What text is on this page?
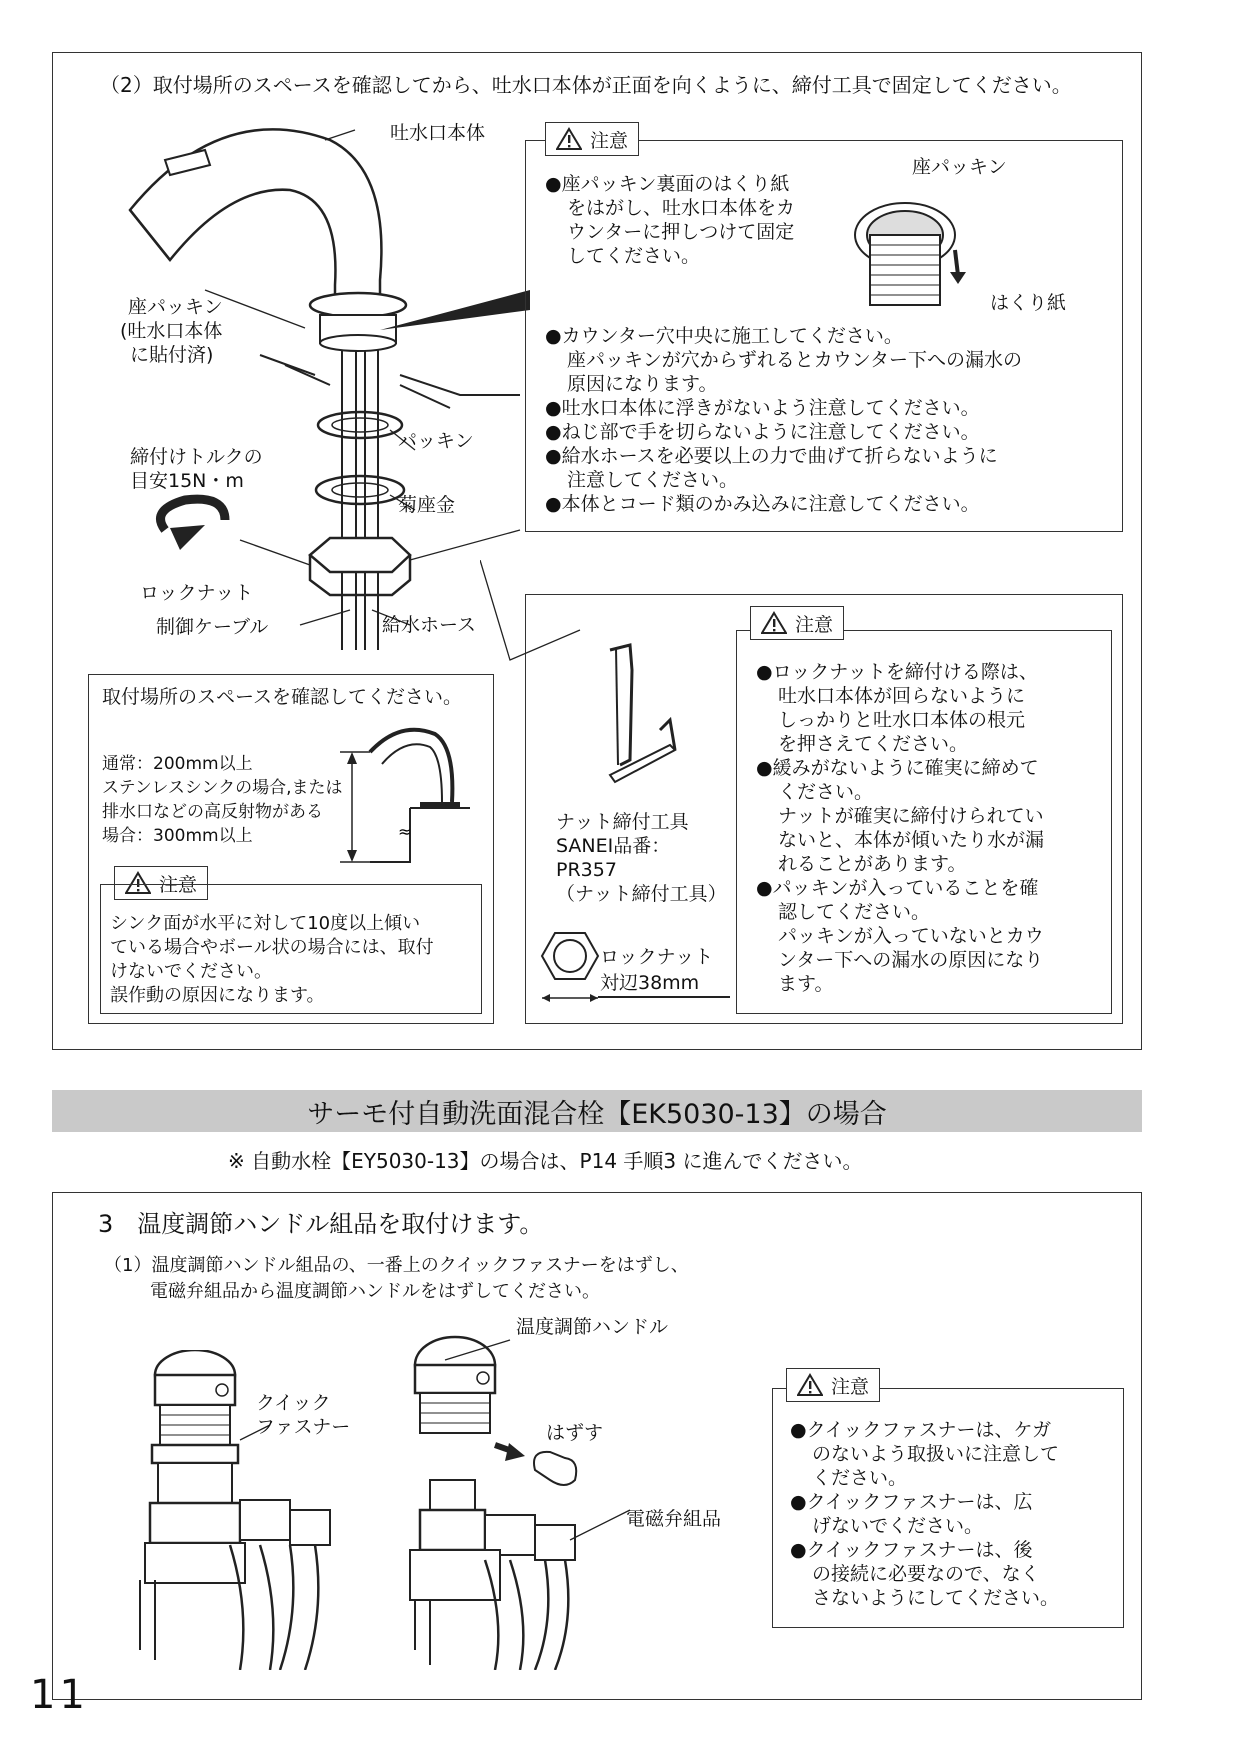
（2）取付場所のスペースを確認してから、吐水口本体が正面を向くように、締付工具で固定してください。
吐水口本体
座パッキン
(吐水口本体
に貼付済)
締付けトルクの
目安15N・m
パッキン
菊座金
ロックナット
制御ケーブル	給水ホース
注意
●座パッキン裏面のはくり紙
をはがし、吐水口本体をカ
ウンターに押しつけて固定
してください。
座パッキン
はくり紙
●カウンター穴中央に施工してください。
座パッキンが穴からずれるとカウンター下への漏水の
原因になります。
●吐水口本体に浮きがないよう注意してください。
●ねじ部で手を切らないように注意してください。
●給水ホースを必要以上の力で曲げて折らないように
注意してください。
●本体とコード類のかみ込みに注意してください。
取付場所のスペースを確認してください。
通常：200mm以上
ステンレスシンクの場合,または
排水口などの高反射物がある
場合：300mm以上	≈
注意
シンク面が水平に対して10度以上傾い
ている場合やボール状の場合には、取付
けないでください。
誤作動の原因になります。
ナット締付工具
SANEI品番：
PR357
（ナット締付工具）
ロックナット
対辺38mm
注意
●ロックナットを締付ける際は、
吐水口本体が回らないように
しっかりと吐水口本体の根元
を押さえてください。
●緩みがないように確実に締めて
ください。
ナットが確実に締付けられてい
ないと、本体が傾いたり水が漏
れることがあります。
●パッキンが入っていることを確
認してください。
パッキンが入っていないとカウ
ンター下への漏水の原因になり
ます。
サーモ付自動洗面混合栓【EK5030-13】の場合
※ 自動水栓【EY5030-13】の場合は、P14 手順3 に進んでください。
3　温度調節ハンドル組品を取付けます。
（1）温度調節ハンドル組品の、一番上のクイックファスナーをはずし、
電磁弁組品から温度調節ハンドルをはずしてください。
クイック
ファスナー
温度調節ハンドル
はずす
電磁弁組品
注意
●クイックファスナーは、ケガ
のないよう取扱いに注意して
ください。
●クイックファスナーは、広
げないでください。
●クイックファスナーは、後
の接続に必要なので、なく
さないようにしてください。
11
